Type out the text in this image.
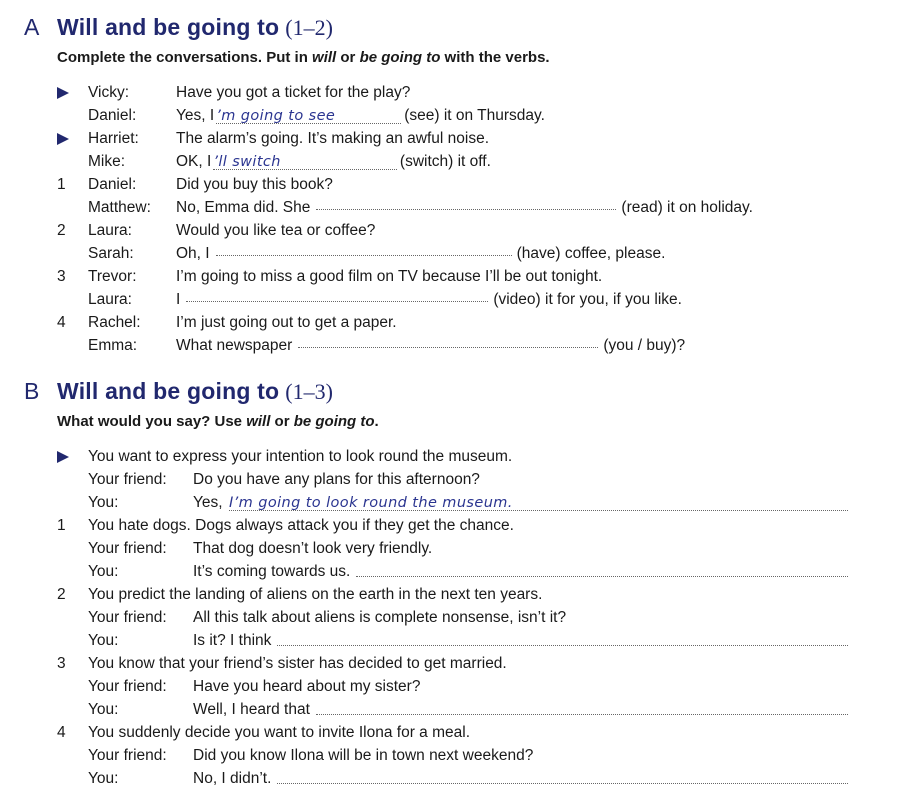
A Will and be going to (1–2)
Complete the conversations. Put in will or be going to with the verbs.
Vicky:	Have you got a ticket for the play?
Daniel:	Yes, I ’m going to see	(see) it on Thursday.
Harriet: The alarm’s going. It’s making an awful noise.
Mike:	OK, I ’ll switch	(switch) it off.
1	Daniel:	Did you buy this book?
Matthew: No, Emma did. She	(read) it on holiday.
2	Laura:	Would you like tea or coffee?
Sarah:	Oh, I	(have) coffee, please.
3	Trevor:	I’m going to miss a good film on TV because I’ll be out tonight.
Laura:	I	(video) it for you, if you like.
4	Rachel: I’m just going out to get a paper.
Emma:	What newspaper	(you / buy)?
B Will and be going to (1–3)
What would you say? Use will or be going to.
You want to express your intention to look round the museum.
Your friend: Do you have any plans for this afternoon?
You:	Yes, I’m going to look round the museum.
1	You hate dogs. Dogs always attack you if they get the chance.
Your friend: That dog doesn’t look very friendly.
You:	It’s coming towards us.
2	You predict the landing of aliens on the earth in the next ten years.
Your friend: All this talk about aliens is complete nonsense, isn’t it?
You:	Is it? I think
3	You know that your friend’s sister has decided to get married.
Your friend: Have you heard about my sister?
You:	Well, I heard that
4	You suddenly decide you want to invite Ilona for a meal.
Your friend: Did you know Ilona will be in town next weekend?
You:	No, I didn’t.
